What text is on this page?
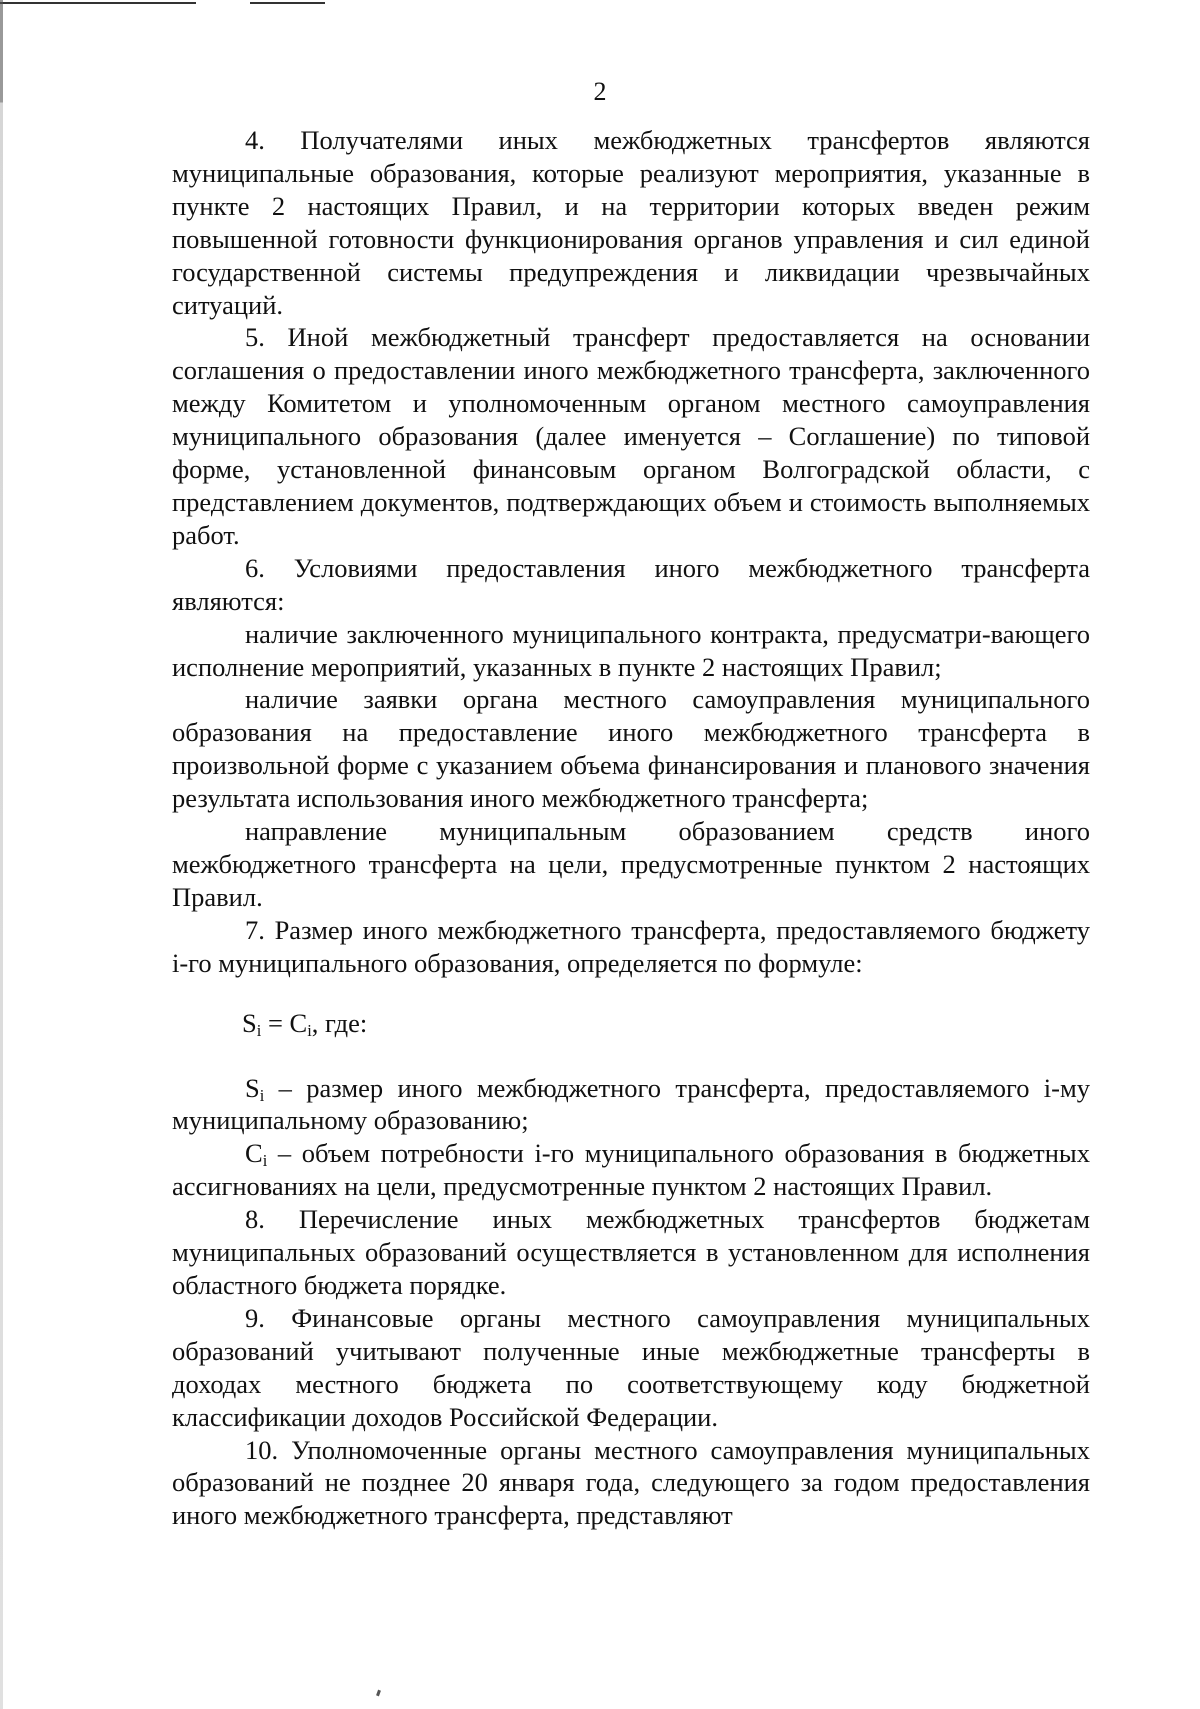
2

4. Получателями иных межбюджетных трансфертов являются муниципальные образования, которые реализуют мероприятия, указанные в пункте 2 настоящих Правил, и на территории которых введен режим повышенной готовности функционирования органов управления и сил единой государственной системы предупреждения и ликвидации чрезвычайных ситуаций.

5. Иной межбюджетный трансферт предоставляется на основании соглашения о предоставлении иного межбюджетного трансферта, заключенного между Комитетом и уполномоченным органом местного самоуправления муниципального образования (далее именуется – Соглашение) по типовой форме, установленной финансовым органом Волгоградской области, с представлением документов, подтверждающих объем и стоимость выполняемых работ.

6. Условиями предоставления иного межбюджетного трансферта являются:

наличие заключенного муниципального контракта, предусматри-вающего исполнение мероприятий, указанных в пункте 2 настоящих Правил;

наличие заявки органа местного самоуправления муниципального образования на предоставление иного межбюджетного трансферта в произвольной форме с указанием объема финансирования и планового значения результата использования иного межбюджетного трансферта;

направление муниципальным образованием средств иного межбюджетного трансферта на цели, предусмотренные пунктом 2 настоящих Правил.

7. Размер иного межбюджетного трансферта, предоставляемого бюджету i-го муниципального образования, определяется по формуле:

$S_i = C_i$, где:

$S_i$ – размер иного межбюджетного трансферта, предоставляемого i-му муниципальному образованию;

$C_i$ – объем потребности i-го муниципального образования в бюджетных ассигнованиях на цели, предусмотренные пунктом 2 настоящих Правил.

8. Перечисление иных межбюджетных трансфертов бюджетам муниципальных образований осуществляется в установленном для исполнения областного бюджета порядке.

9. Финансовые органы местного самоуправления муниципальных образований учитывают полученные иные межбюджетные трансферты в доходах местного бюджета по соответствующему коду бюджетной классификации доходов Российской Федерации.

10. Уполномоченные органы местного самоуправления муниципальных образований не позднее 20 января года, следующего за годом предоставления иного межбюджетного трансферта, представляют
